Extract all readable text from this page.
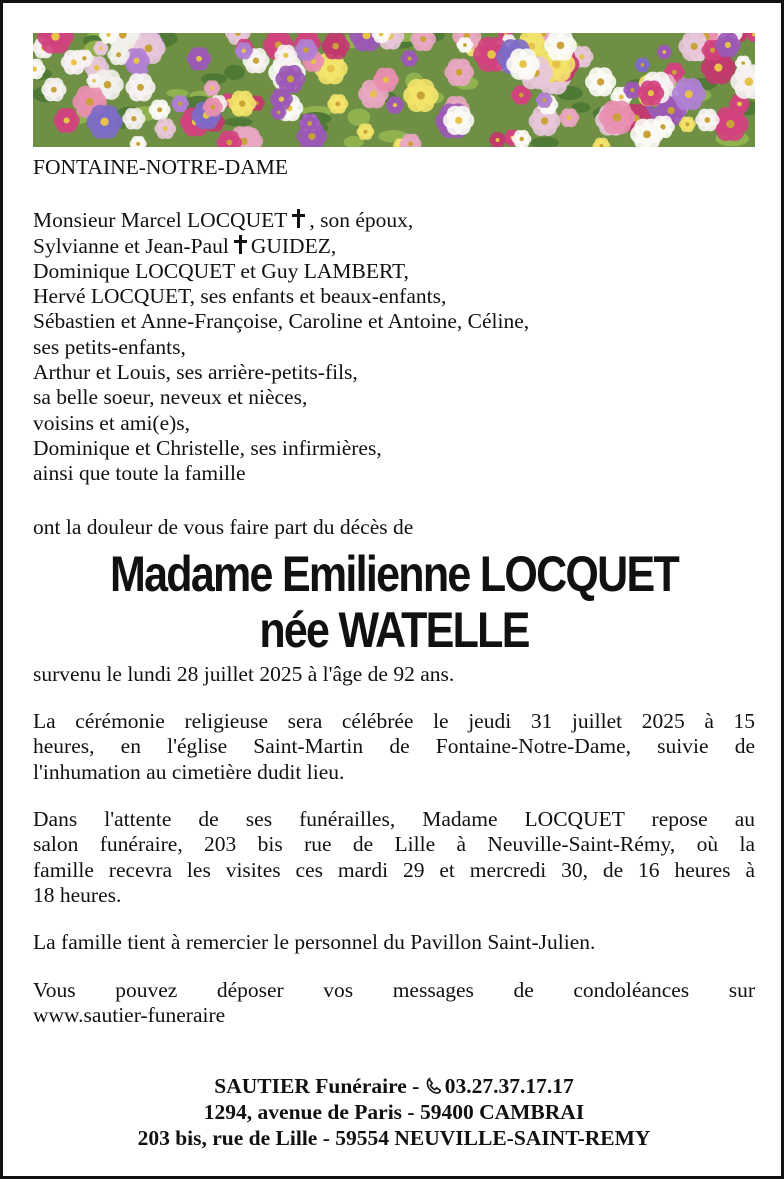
FONTAINE-NOTRE-DAME
Monsieur Marcel LOCQUET , son époux,
Sylvianne et Jean-Paul GUIDEZ,
Dominique LOCQUET et Guy LAMBERT,
Hervé LOCQUET, ses enfants et beaux-enfants,
Sébastien et Anne-Françoise, Caroline et Antoine, Céline,
ses petits-enfants,
Arthur et Louis, ses arrière-petits-fils,
sa belle soeur, neveux et nièces,
voisins et ami(e)s,
Dominique et Christelle, ses infirmières,
ainsi que toute la famille
ont la douleur de vous faire part du décès de
Madame Emilienne LOCQUET
née WATELLE
survenu le lundi 28 juillet 2025 à l'âge de 92 ans.
La cérémonie religieuse sera célébrée le jeudi 31 juillet 2025 à 15
heures, en l'église Saint-Martin de Fontaine-Notre-Dame, suivie de
l'inhumation au cimetière dudit lieu.
Dans l'attente de ses funérailles, Madame LOCQUET repose au
salon funéraire, 203 bis rue de Lille à Neuville-Saint-Rémy, où la
famille recevra les visites ces mardi 29 et mercredi 30, de 16 heures à
18 heures.
La famille tient à remercier le personnel du Pavillon Saint-Julien.
Vous pouvez déposer vos messages de condoléances sur
www.sautier-funeraire
SAUTIER Funéraire - 03.27.37.17.17
1294, avenue de Paris - 59400 CAMBRAI
203 bis, rue de Lille - 59554 NEUVILLE-SAINT-REMY
